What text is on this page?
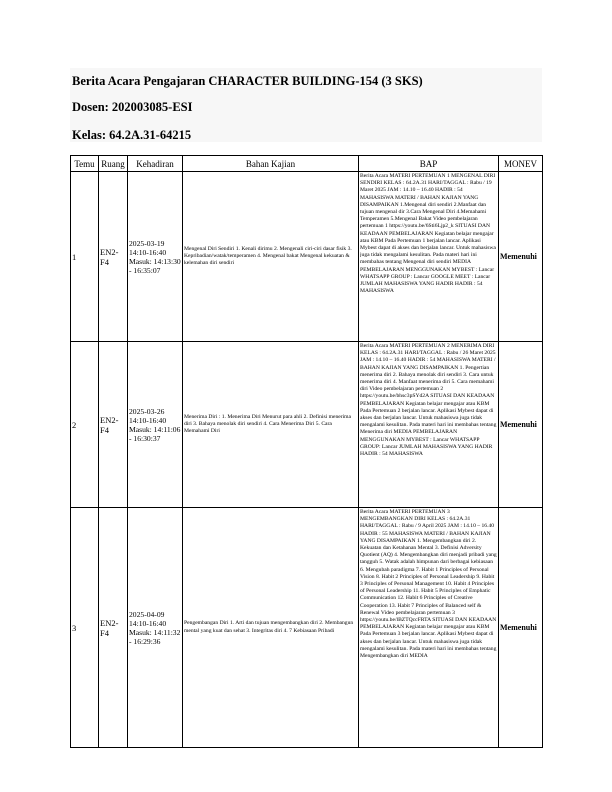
Berita Acara Pengajaran CHARACTER BUILDING-154 (3 SKS)
Dosen: 202003085-ESI
Kelas: 64.2A.31-64215
Temu	Ruang	Kehadiran	Bahan Kajian	BAP	MONEV
1	EN2-F4	2025-03-19 14:10-16:40 Masuk: 14:13:30 - 16:35:07	Mengenal Diri Sendiri 1. Kenali dirimu 2. Mengenali ciri-ciri dasar fisik 3. Kepribadian/watak/temperamen 4. Mengenal bakat Mengenal kekuatan & kelemahan diri sendiri	Berita Acara MATERI PERTEMUAN 1 MENGENAL DIRI SENDIRI KELAS : 64.2A.31 HARI/TAGGAL : Rabu / 19 Maret 2025 JAM : 14.10 – 16.40 HADIR : 54 MAHASISWA MATERI / BAHAN KAJIAN YANG DISAMPAIKAN 1.Mengenal diri sendiri 2.Manfaat dan tujuan mengenal dir 3.Cara Mengenal Diri 4.Memahami Temperamen 5.Mengenal Bakat Video pembelajaran pertemuan 1 https://youtu.be/6Sti6Ljp2_k SITUASI DAN KEADAAN PEMBELAJARAN Kegiatan belajar mengajar atau KBM Pada Pertemuan 1 berjalan lancar. Aplikasi Mybest dapat di akses dan berjalan lancar. Untuk mahasiswa juga tidak mengalami kesulitan. Pada materi hari ini membahas tentang Mengenal diri sendiri MEDIA PEMBELAJARAN MENGGUNAKAN MYBEST : Lancar WHATSAPP GROUP : Lancar GOOGLE MEET : Lancar JUMLAH MAHASISWA YANG HADIR HADIR : 54 MAHASISWA	Memenuhi
2	EN2-F4	2025-03-26 14:10-16:40 Masuk: 14:11:06 - 16:30:37	Menerima Diri : 1. Menerima Diri Menurut para ahli 2. Definisi menerima diri 3. Bahaya menolak diri sendiri 4. Cara Menerima Diri 5. Cara Memahami Diri	Berita Acara MATERI PERTEMUAN 2 MENERIMA DIRI KELAS : 64.2A.31 HARI/TAGGAL : Rabu / 26 Maret 2025 JAM : 14.10 – 16.40 HADIR : 54 MAHASISWA MATERI / BAHAN KAJIAN YANG DISAMPAIKAN 1. Pengertian menerima diri 2. Bahaya menolak diri sendiri 3. Cara untuk menerima diri 4. Manfaat menerima diri 5. Cara memahami diri Video pembelajaran pertemuan 2 https://youtu.be/bhsc3pSYd2A SITUASI DAN KEADAAN PEMBELAJARAN Kegiatan belajar mengajar atau KBM Pada Pertemuan 2 berjalan lancar. Aplikasi Mybest dapat di akses dan berjalan lancar. Untuk mahasiswa juga tidak mengalami kesulitan. Pada materi hari ini membahas tentang Menerima diri MEDIA PEMBELAJARAN MENGGUNAKAN MYBEST : Lancar WHATSAPP GROUP: Lancar JUMLAH MAHASISWA YANG HADIR HADIR : 54 MAHASISWA	Memenuhi
3	EN2-F4	2025-04-09 14:10-16:40 Masuk: 14:11:32 - 16:29:36	Pengembangan Diri 1. Arti dan tujuan mengembangkan diri 2. Membangun mental yang kuat dan sehat 3. Integritas diri 4. 7 Kebiasaan Pribadi	Berita Acara MATERI PERTEMUAN 3 MENGEMBANGKAN DIRI KELAS : 64.2A.31 HARI/TAGGAL : Rabu / 9 April 2025 JAM : 14.10 – 16.40 HADIR : 55 MAHASISWA MATERI / BAHAN KAJIAN YANG DISAMPAIKAN 1. Mengembangkan diri 2. Kekuatan dan Ketahanan Mental 3. Definisi Adversity Quotient (AQ) 4. Mengembangkan diri menjadi pribadi yang tangguh 5. Watak adalah himpunan dari berbagai kebiasaan 6. Mengubah paradigma 7. Habit 1 Principles of Personal Vision 8. Habit 2 Principles of Personal Leadership 9. Habit 3 Principles of Personal Management 10. Habit 4 Principles of Personal Leadership 11. Habit 5 Principles of Emphatic Communication 12. Habit 6 Principles of Creative Cooperation 13. Habit 7 Principles of Balanced self & Renewal Video pembelajaran pertemuan 3 https://youtu.be/lBZTQccFRTA SITUASI DAN KEADAAN PEMBELAJARAN Kegiatan belajar mengajar atau KBM Pada Pertemuan 3 berjalan lancar. Aplikasi Mybest dapat di akses dan berjalan lancar. Untuk mahasiswa juga tidak mengalami kesulitan. Pada materi hari ini membahas tentang Mengembangkan diri MEDIA	Memenuhi
